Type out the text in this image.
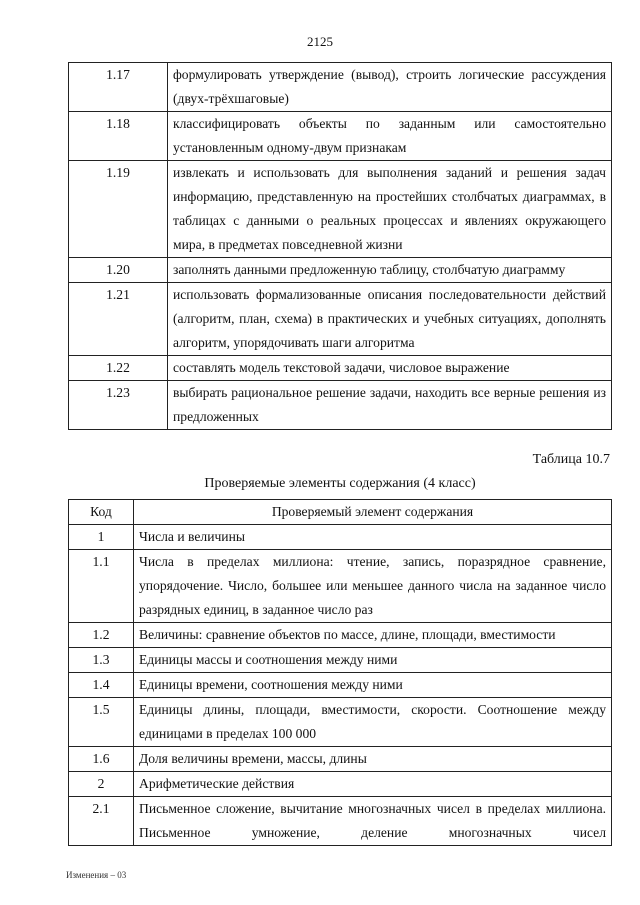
2125
1.17	формулировать утверждение (вывод), строить логические рассуждения (двух-трёхшаговые)
1.18	классифицировать объекты по заданным или самостоятельно установленным одному-двум признакам
1.19	извлекать и использовать для выполнения заданий и решения задач информацию, представленную на простейших столбчатых диаграммах, в таблицах с данными о реальных процессах и явлениях окружающего мира, в предметах повседневной жизни
1.20	заполнять данными предложенную таблицу, столбчатую диаграмму
1.21	использовать формализованные описания последовательности действий (алгоритм, план, схема) в практических и учебных ситуациях, дополнять алгоритм, упорядочивать шаги алгоритма
1.22	составлять модель текстовой задачи, числовое выражение
1.23	выбирать рациональное решение задачи, находить все верные решения из предложенных
Таблица 10.7
Проверяемые элементы содержания (4 класс)
Код	Проверяемый элемент содержания
1	Числа и величины
1.1	Числа в пределах миллиона: чтение, запись, поразрядное сравнение, упорядочение. Число, большее или меньшее данного числа на заданное число разрядных единиц, в заданное число раз
1.2	Величины: сравнение объектов по массе, длине, площади, вместимости
1.3	Единицы массы и соотношения между ними
1.4	Единицы времени, соотношения между ними
1.5	Единицы длины, площади, вместимости, скорости. Соотношение между единицами в пределах 100 000
1.6	Доля величины времени, массы, длины
2	Арифметические действия
2.1	Письменное сложение, вычитание многозначных чисел в пределах миллиона. Письменное умножение, деление многозначных чисел
Изменения – 03
